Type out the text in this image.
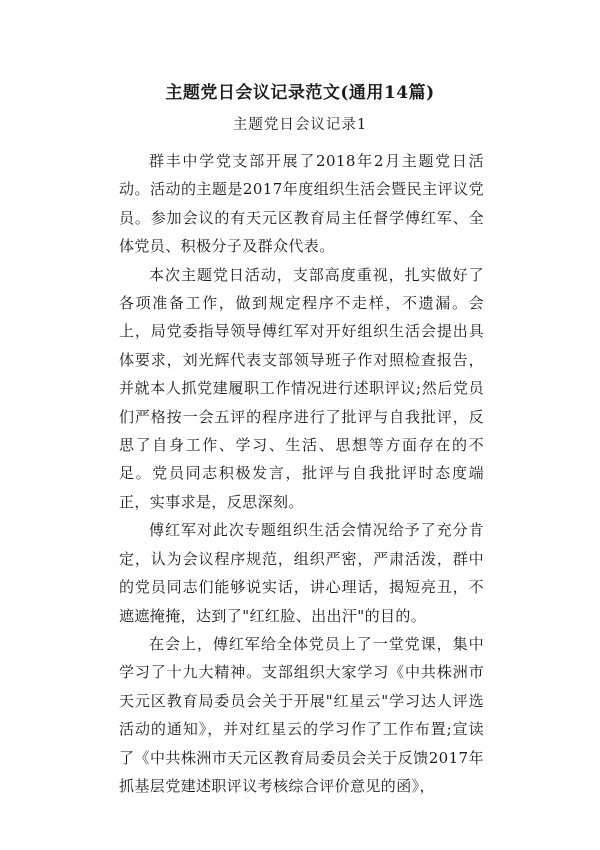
主题党日会议记录范文(通用14篇)
主题党日会议记录1

群丰中学党支部开展了2018年2月主题党日活动。活动的主题是2017年度组织生活会暨民主评议党员。参加会议的有天元区教育局主任督学傅红军、全体党员、积极分子及群众代表。

本次主题党日活动，支部高度重视，扎实做好了各项准备工作，做到规定程序不走样，不遗漏。会上，局党委指导领导傅红军对开好组织生活会提出具体要求，刘光辉代表支部领导班子作对照检查报告，并就本人抓党建履职工作情况进行述职评议;然后党员们严格按一会五评的程序进行了批评与自我批评，反思了自身工作、学习、生活、思想等方面存在的不足。党员同志积极发言，批评与自我批评时态度端正，实事求是，反思深刻。

傅红军对此次专题组织生活会情况给予了充分肯定，认为会议程序规范，组织严密，严肃活泼，群中的党员同志们能够说实话，讲心理话，揭短亮丑，不遮遮掩掩，达到了"红红脸、出出汗"的目的。

在会上，傅红军给全体党员上了一堂党课，集中学习了十九大精神。支部组织大家学习《中共株洲市天元区教育局委员会关于开展"红星云"学习达人评选活动的通知》，并对红星云的学习作了工作布置;宣读了《中共株洲市天元区教育局委员会关于反馈2017年抓基层党建述职评议考核综合评价意见的函》，
